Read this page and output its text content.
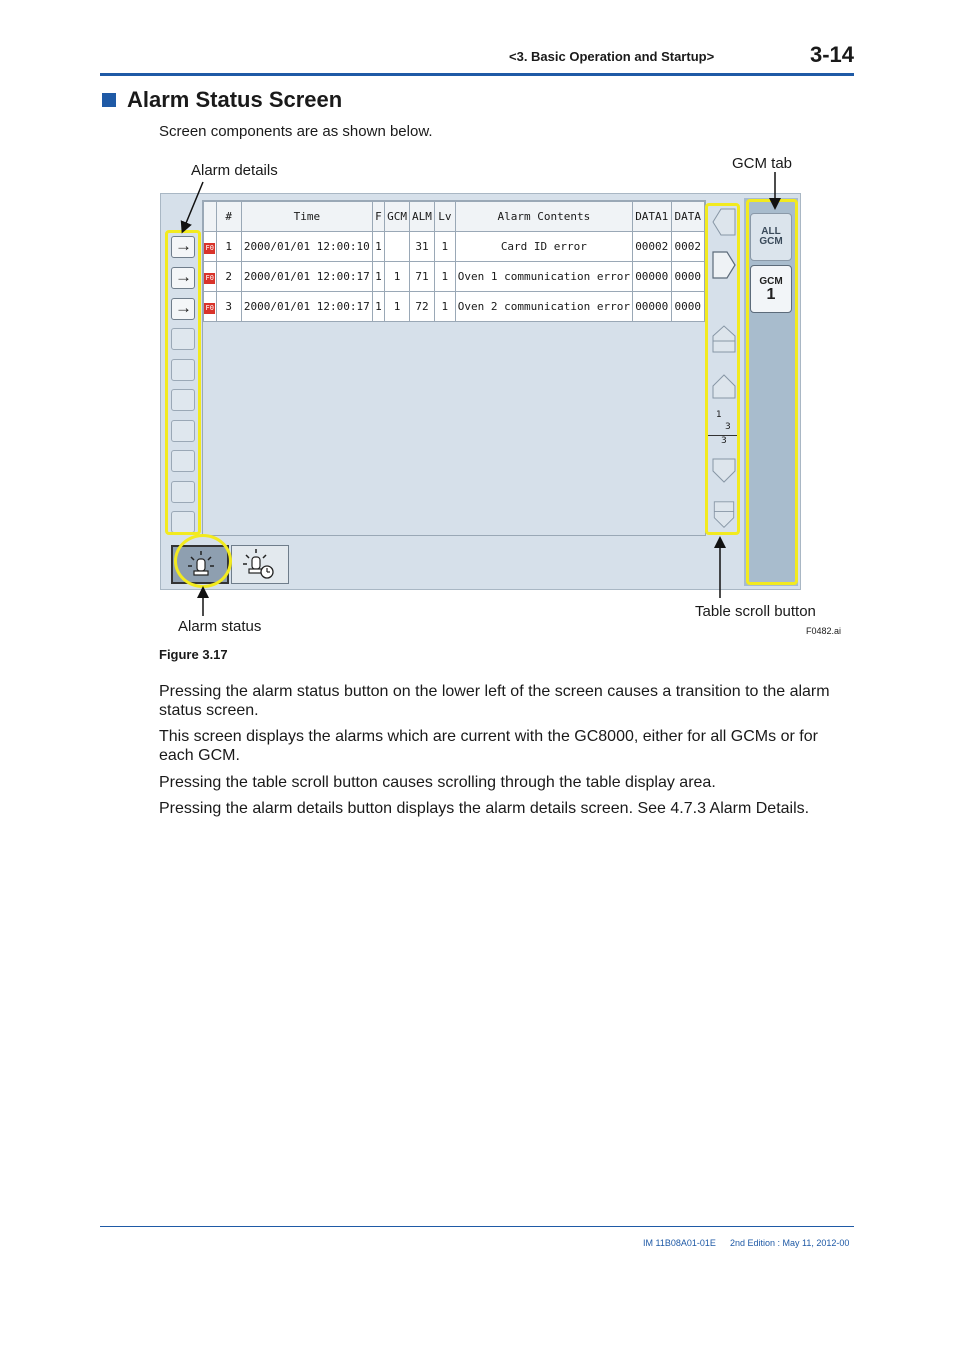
<3. Basic Operation and Startup>	3-14
Alarm Status Screen
Screen components are as shown below.
Alarm details	GCM tab
Table scroll button
Alarm status
	#	Time	F	GCM	ALM	Lv	Alarm Contents	DATA1	DATA
F0	1	2000/01/01 12:00:10	1		31	1	Card ID error	00002	0002
F0	2	2000/01/01 12:00:17	1	1	71	1	Oven 1 communication error	00000	0000
F0	3	2000/01/01 12:00:17	1	1	72	1	Oven 2 communication error	00000	0000
→
→
→
1
3
3
ALL
GCM
GCM
1
F0482.ai
Figure 3.17
Pressing the alarm status button on the lower left of the screen causes a transition to the alarm status screen.
This screen displays the alarms which are current with the GC8000, either for all GCMs or for each GCM.
Pressing the table scroll button causes scrolling through the table display area.
Pressing the alarm details button displays the alarm details screen. See 4.7.3 Alarm Details.
IM 11B08A01-01E 2nd Edition : May 11, 2012-00
